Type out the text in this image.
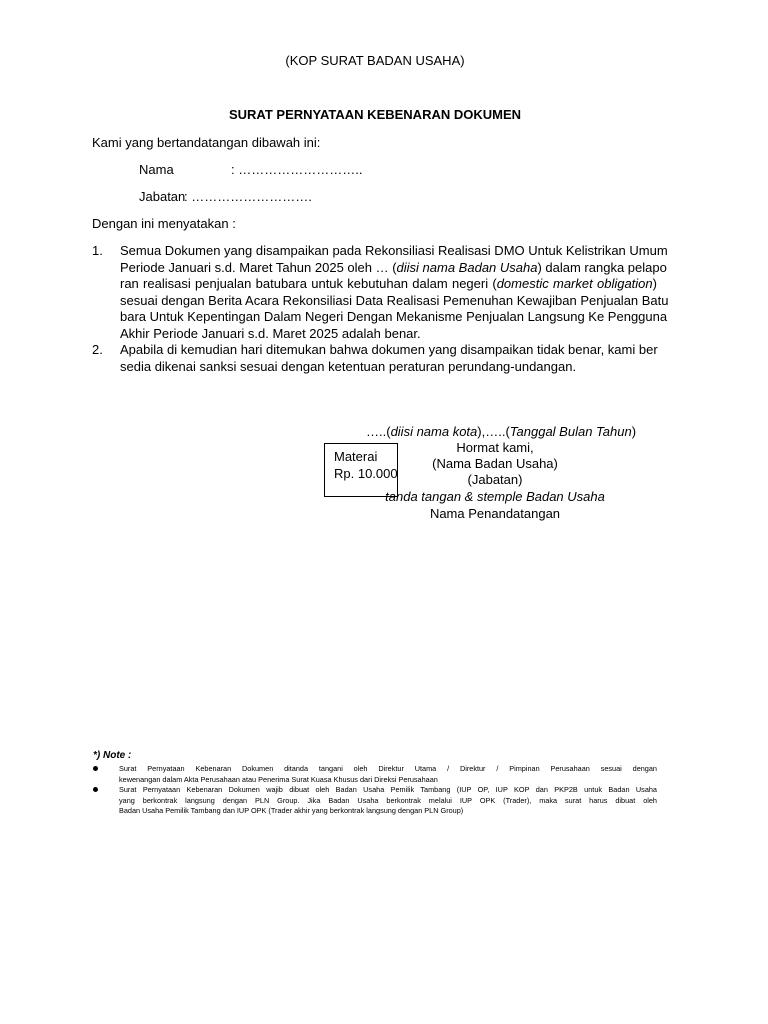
(KOP SURAT BADAN USAHA)
SURAT PERNYATAAN KEBENARAN DOKUMEN
Kami yang bertandatangan dibawah ini:
Nama	: ………………………..
Jabatan
: ……………………….
Dengan ini menyatakan :
1. Semua Dokumen yang disampaikan pada Rekonsiliasi Realisasi DMO Untuk Kelistrikan Umum
Periode Januari s.d. Maret Tahun 2025 oleh … (diisi nama Badan Usaha) dalam rangka pelapo
ran realisasi penjualan batubara untuk kebutuhan dalam negeri (domestic market obligation)
sesuai dengan Berita Acara Rekonsiliasi Data Realisasi Pemenuhan Kewajiban Penjualan Batu
bara Untuk Kepentingan Dalam Negeri Dengan Mekanisme Penjualan Langsung Ke Pengguna
Akhir Periode Januari s.d. Maret 2025 adalah benar.
2. Apabila di kemudian hari ditemukan bahwa dokumen yang disampaikan tidak benar, kami ber
sedia dikenai sanksi sesuai dengan ketentuan peraturan perundang-undangan.
…..(diisi nama kota),…..(Tanggal Bulan Tahun)
Hormat kami,
(Nama Badan Usaha)
(Jabatan)
tanda tangan & stemple Badan Usaha
Nama Penandatangan
Materai
Rp. 10.000
*) Note :
Surat Pernyataan Kebenaran Dokumen ditanda tangani oleh Direktur Utama / Direktur / Pimpinan Perusahaan sesuai dengan
kewenangan dalam Akta Perusahaan atau Penerima Surat Kuasa Khusus dari Direksi Perusahaan
Surat Pernyataan Kebenaran Dokumen wajib dibuat oleh Badan Usaha Pemilik Tambang (IUP OP, IUP KOP dan PKP2B untuk Badan Usaha
yang berkontrak langsung dengan PLN Group. Jika Badan Usaha berkontrak melalui IUP OPK (Trader), maka surat harus dibuat oleh
Badan Usaha Pemilik Tambang dan IUP OPK (Trader akhir yang berkontrak langsung dengan PLN Group)
